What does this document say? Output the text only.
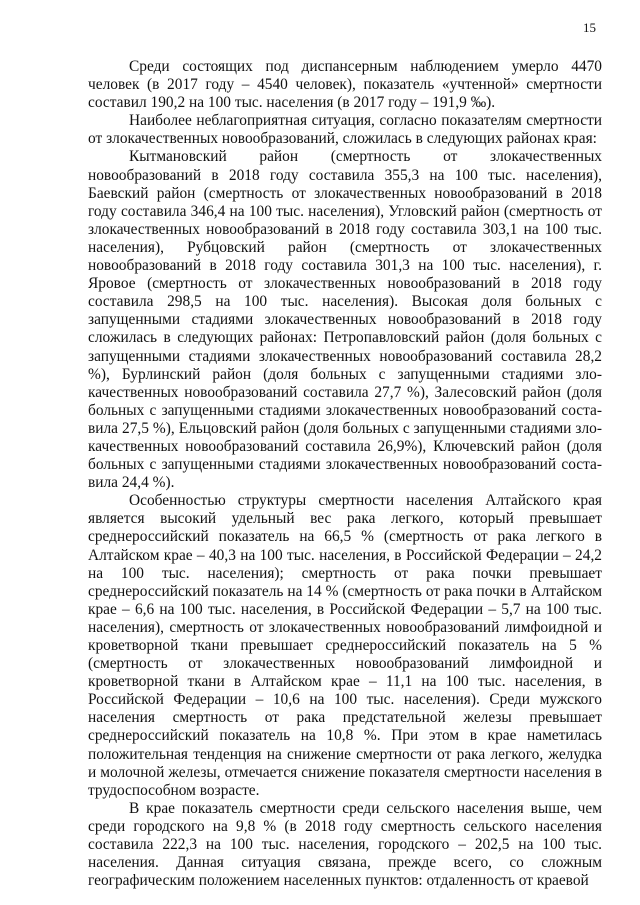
15

Среди состоящих под диспансерным наблюдением умерло 4470 человек (в 2017 году – 4540 человек), показатель «учтенной» смертности составил 190,2 на 100 тыс. населения (в 2017 году – 191,9 ‰).

Наиболее неблагоприятная ситуация, согласно показателям смертности от злокачественных новообразований, сложилась в следующих районах края:

Кытмановский район (смертность от злокачественных новообразований в 2018 году составила 355,3 на 100 тыс. населения), Баевский район (смертность от злокачественных новообразований в 2018 году составила 346,4 на 100 тыс. населения), Угловский район (смертность от злокачественных новообразований в 2018 году составила 303,1 на 100 тыс. населения), Рубцовский район (смертность от злокачественных новообразований в 2018 году составила 301,3 на 100 тыс. населения), г. Яровое (смертность от злокачественных новообразований в 2018 году составила 298,5 на 100 тыс. населения). Высокая доля больных с запущенными стадиями злокачественных новообразований в 2018 году сложилась в следующих районах: Петропавловский район (доля больных с запущенными стадиями злокачественных новообразований составила 28,2 %), Бурлинский район (доля больных с запущенными стадиями злокачественных новообразований составила 27,7 %), Залесовский район (доля больных с запущенными стадиями злокачественных новообразований составила 27,5 %), Ельцовский район (доля больных с запущенными стадиями злокачественных новообразований составила 26,9%), Ключевский район (доля больных с запущенными стадиями злокачественных новообразований составила 24,4 %).

Особенностью структуры смертности населения Алтайского края является высокий удельный вес рака легкого, который превышает среднероссийский показатель на 66,5 % (смертность от рака легкого в Алтайском крае – 40,3 на 100 тыс. населения, в Российской Федерации – 24,2 на 100 тыс. населения); смертность от рака почки превышает среднероссийский показатель на 14 % (смертность от рака почки в Алтайском крае – 6,6 на 100 тыс. населения, в Российской Федерации – 5,7 на 100 тыс. населения), смертность от злокачественных новообразований лимфоидной и кроветворной ткани превышает среднероссийский показатель на 5 % (смертность от злокачественных новообразований лимфоидной и кроветворной ткани в Алтайском крае – 11,1 на 100 тыс. населения, в Российской Федерации – 10,6 на 100 тыс. населения). Среди мужского населения смертность от рака предстательной железы превышает среднероссийский показатель на 10,8 %. При этом в крае наметилась положительная тенденция на снижение смертности от рака легкого, желудка и молочной железы, отмечается снижение показателя смертности населения в трудоспособном возрасте.

В крае показатель смертности среди сельского населения выше, чем среди городского на 9,8 % (в 2018 году смертность сельского населения составила 222,3 на 100 тыс. населения, городского – 202,5 на 100 тыс. населения. Данная ситуация связана, прежде всего, со сложным географическим положением населенных пунктов: отдаленность от краевой
